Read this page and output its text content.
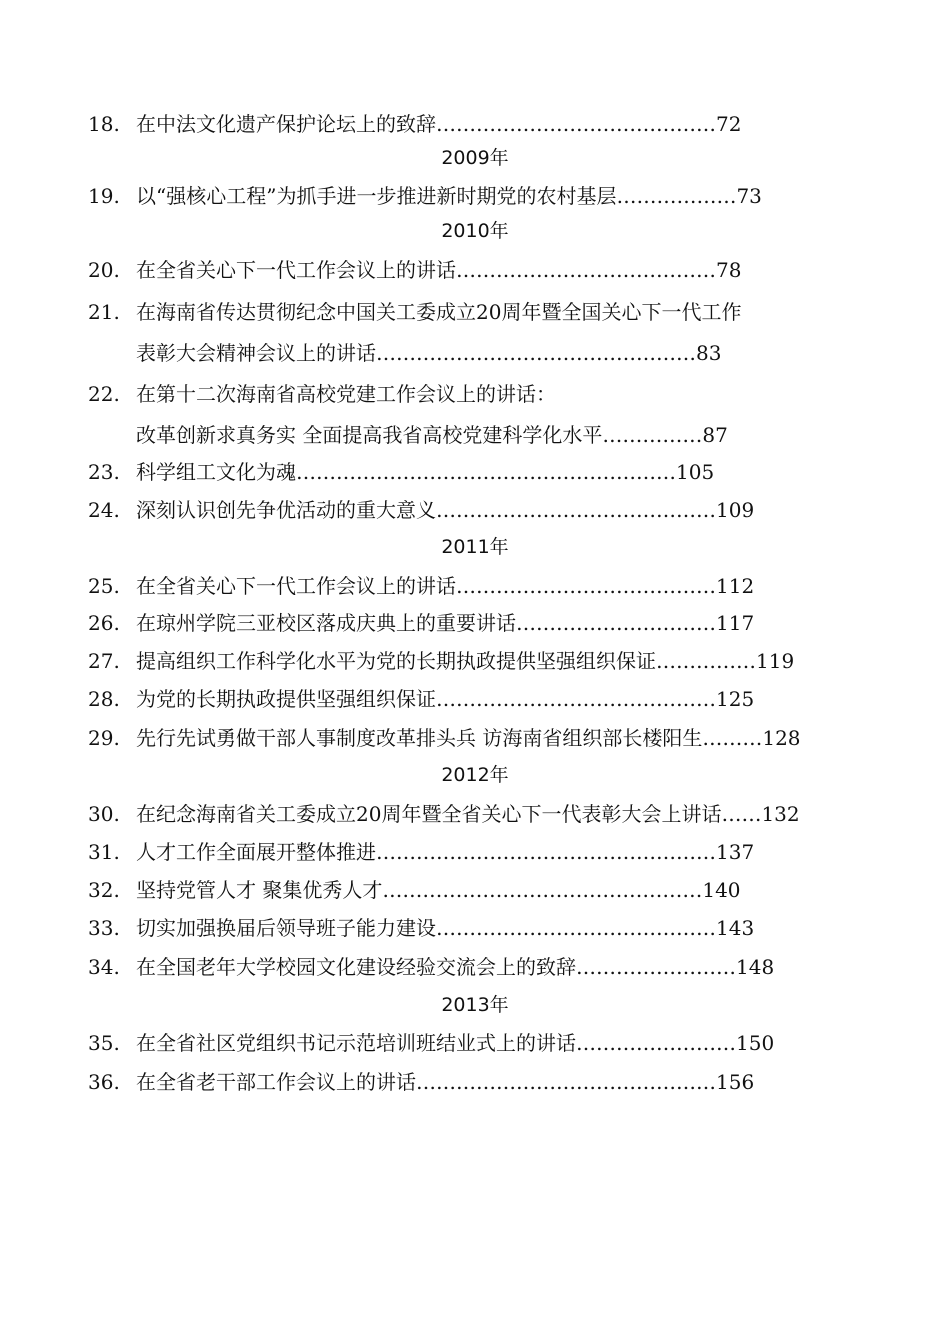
18. 在中法文化遗产保护论坛上的致辞……………………………………72
2009年
19. 以“强核心工程”为抓手进一步推进新时期党的农村基层………………73
2010年
20. 在全省关心下一代工作会议上的讲话…………………………………78
21. 在海南省传达贯彻纪念中国关工委成立20周年暨全国关心下一代工作
表彰大会精神会议上的讲话…………………………………………83
22. 在第十二次海南省高校党建工作会议上的讲话：
改革创新求真务实 全面提高我省高校党建科学化水平……………87
23. 科学组工文化为魂…………………………………………………105
24. 深刻认识创先争优活动的重大意义……………………………………109
2011年
25. 在全省关心下一代工作会议上的讲话…………………………………112
26. 在琼州学院三亚校区落成庆典上的重要讲话…………………………117
27. 提高组织工作科学化水平为党的长期执政提供坚强组织保证……………119
28. 为党的长期执政提供坚强组织保证……………………………………125
29. 先行先试勇做干部人事制度改革排头兵 访海南省组织部长楼阳生………128
2012年
30. 在纪念海南省关工委成立20周年暨全省关心下一代表彰大会上讲话……132
31. 人才工作全面展开整体推进……………………………………………137
32. 坚持党管人才 聚集优秀人才…………………………………………140
33. 切实加强换届后领导班子能力建设……………………………………143
34. 在全国老年大学校园文化建设经验交流会上的致辞……………………148
2013年
35. 在全省社区党组织书记示范培训班结业式上的讲话……………………150
36. 在全省老干部工作会议上的讲话………………………………………156
